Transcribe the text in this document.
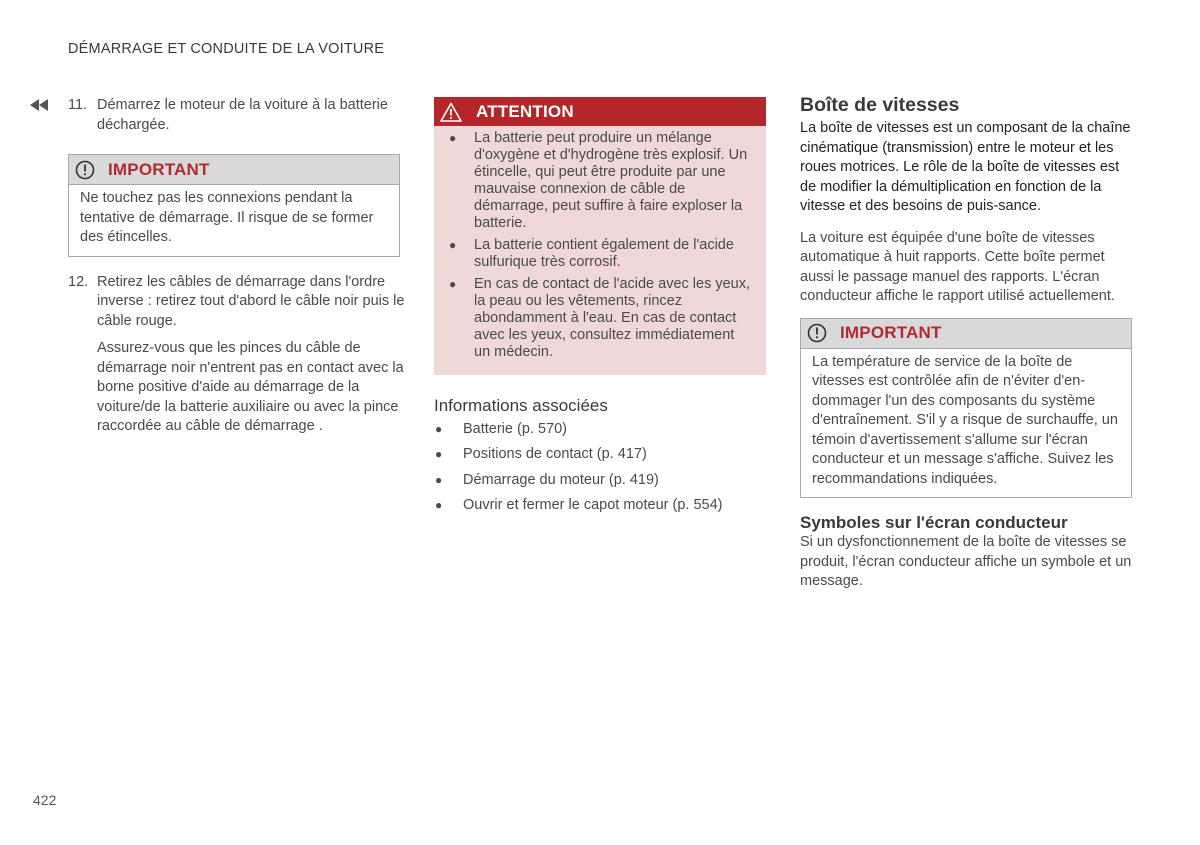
DÉMARRAGE ET CONDUITE DE LA VOITURE
11. Démarrez le moteur de la voiture à la batterie déchargée.
IMPORTANT
Ne touchez pas les connexions pendant la tentative de démarrage. Il risque de se former des étincelles.
12. Retirez les câbles de démarrage dans l'ordre inverse : retirez tout d'abord le câble noir puis le câble rouge.
Assurez-vous que les pinces du câble de démarrage noir n'entrent pas en contact avec la borne positive d'aide au démarrage de la voiture/de la batterie auxiliaire ou avec la pince raccordée au câble de démarrage .
ATTENTION
● La batterie peut produire un mélange d'oxygène et d'hydrogène très explosif. Un étincelle, qui peut être produite par une mauvaise connexion de câble de démarrage, peut suffire à faire exploser la batterie.
● La batterie contient également de l'acide sulfurique très corrosif.
● En cas de contact de l'acide avec les yeux, la peau ou les vêtements, rincez abondamment à l'eau. En cas de contact avec les yeux, consultez immédiatement un médecin.
Informations associées
● Batterie (p. 570)
● Positions de contact (p. 417)
● Démarrage du moteur (p. 419)
● Ouvrir et fermer le capot moteur (p. 554)
Boîte de vitesses

La boîte de vitesses est un composant de la chaîne cinématique (transmission) entre le moteur et les roues motrices. Le rôle de la boîte de vitesses est de modifier la démultiplication en fonction de la vitesse et des besoins de puis-sance.

La voiture est équipée d'une boîte de vitesses automatique à huit rapports. Cette boîte permet aussi le passage manuel des rapports. L'écran conducteur affiche le rapport utilisé actuellement.

IMPORTANT
La température de service de la boîte de vitesses est contrôlée afin de n'éviter d'en-dommager l'un des composants du système d'entraînement. S'il y a risque de surchauffe, un témoin d'avertissement s'allume sur l'écran conducteur et un message s'affiche. Suivez les recommandations indiquées.
Symboles sur l'écran conducteur

Si un dysfonctionnement de la boîte de vitesses se produit, l'écran conducteur affiche un symbole et un message.

422
